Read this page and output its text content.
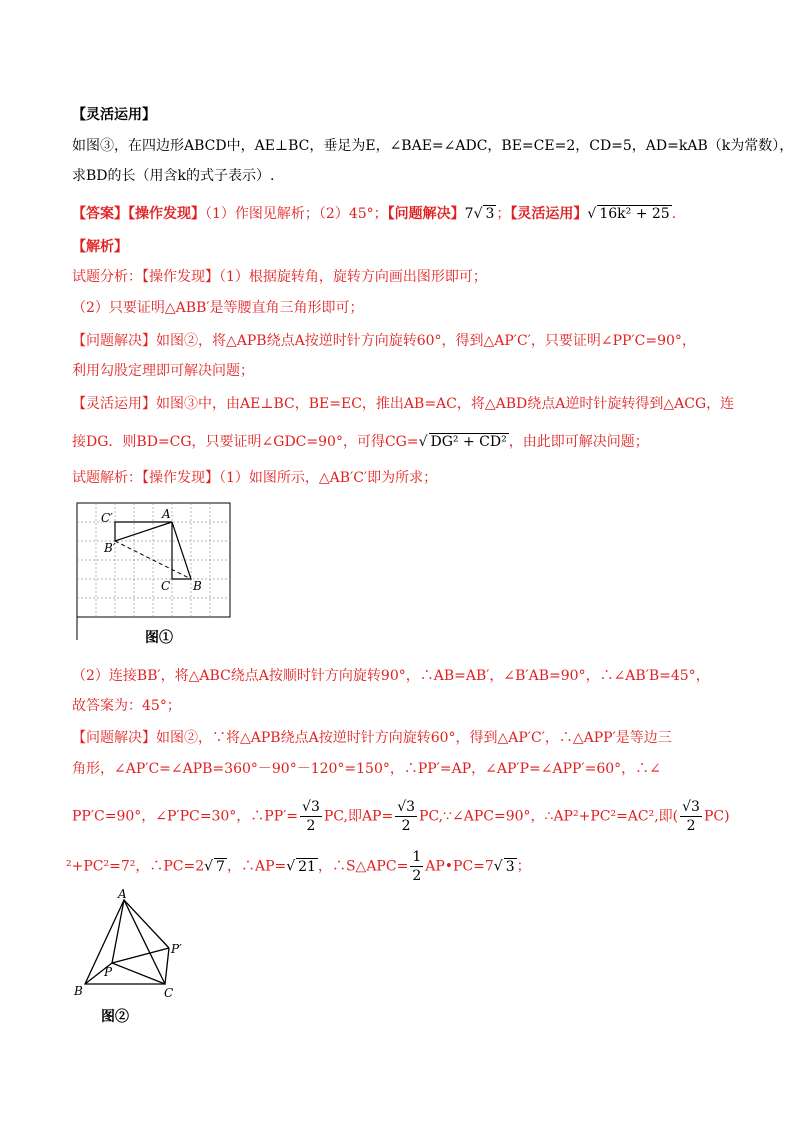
【灵活运用】
如图③，在四边形ABCD中，AE⊥BC，垂足为E，∠BAE=∠ADC，BE=CE=2，CD=5，AD=kAB（k为常数），
求BD的长（用含k的式子表示）.
【答案】【操作发现】（1）作图见解析；（2）45°；【问题解决】7√ 3 ；【灵活运用】√ 16k² + 25 .
【解析】
试题分析：【操作发现】（1）根据旋转角，旋转方向画出图形即可；
（2）只要证明△ABB′是等腰直角三角形即可；
【问题解决】如图②，将△APB绕点A按逆时针方向旋转60°，得到△AP′C′，只要证明∠PP′C=90°，
利用勾股定理即可解决问题；
【灵活运用】如图③中，由AE⊥BC，BE=EC，推出AB=AC，将△ABD绕点A逆时针旋转得到△ACG，连
接DG．则BD=CG，只要证明∠GDC=90°，可得CG=√ DG² + CD² ，由此即可解决问题；
试题解析：【操作发现】（1）如图所示，△AB′C′即为所求；
C′	A
B′
C B
图①
（2）连接BB′，将△ABC绕点A按顺时针方向旋转90°，∴AB=AB′，∠B′AB=90°，∴∠AB′B=45°，
故答案为：45°；
【问题解决】如图②，∵将△APB绕点A按逆时针方向旋转60°，得到△AP′C′，∴△APP′是等边三
角形，∠AP′C=∠APB=360°－90°－120°=150°，∴PP′=AP，∠AP′P=∠APP′=60°，∴∠
PP′C=90°，∠P′PC=30°，∴PP′= $\frac{√3}{2}$ PC,即$AP= \frac{√3}{2}$ PC,∵∠APC=90°，∴AP²+PC²=AC²,即( $\frac{√3}{2} PC$)
²+PC²=7²，∴PC=2√ 7 ，∴AP=√ 21 ，∴S△APC= $\frac{1}{2}$ AP•PC=7√ 3 ；
A
P′
P
B	C
图②
